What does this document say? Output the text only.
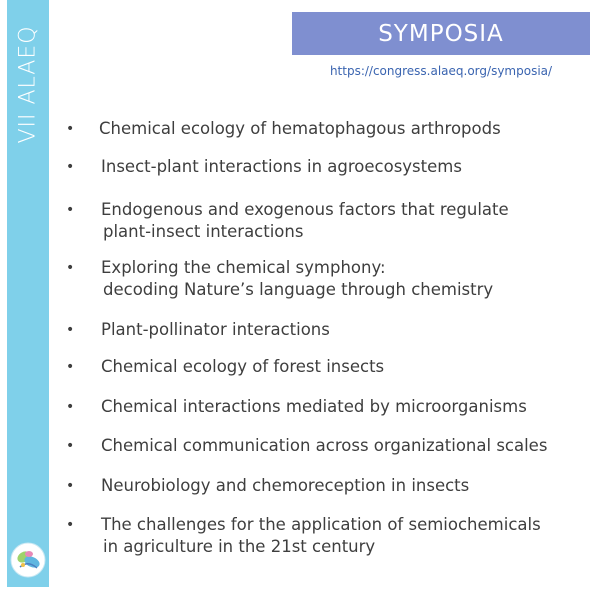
VII ALAEQ	SYMPOSIA
https://congress.alaeq.org/symposia/
•	Chemical ecology of hematophagous arthropods
•	Insect-plant interactions in agroecosystems
•	Endogenous and exogenous factors that regulate
plant-insect interactions
•	Exploring the chemical symphony:
decoding Nature’s language through chemistry
•	Plant-pollinator interactions
•	Chemical ecology of forest insects
•	Chemical interactions mediated by microorganisms
•	Chemical communication across organizational scales
•	Neurobiology and chemoreception in insects
•	The challenges for the application of semiochemicals
in agriculture in the 21st century
